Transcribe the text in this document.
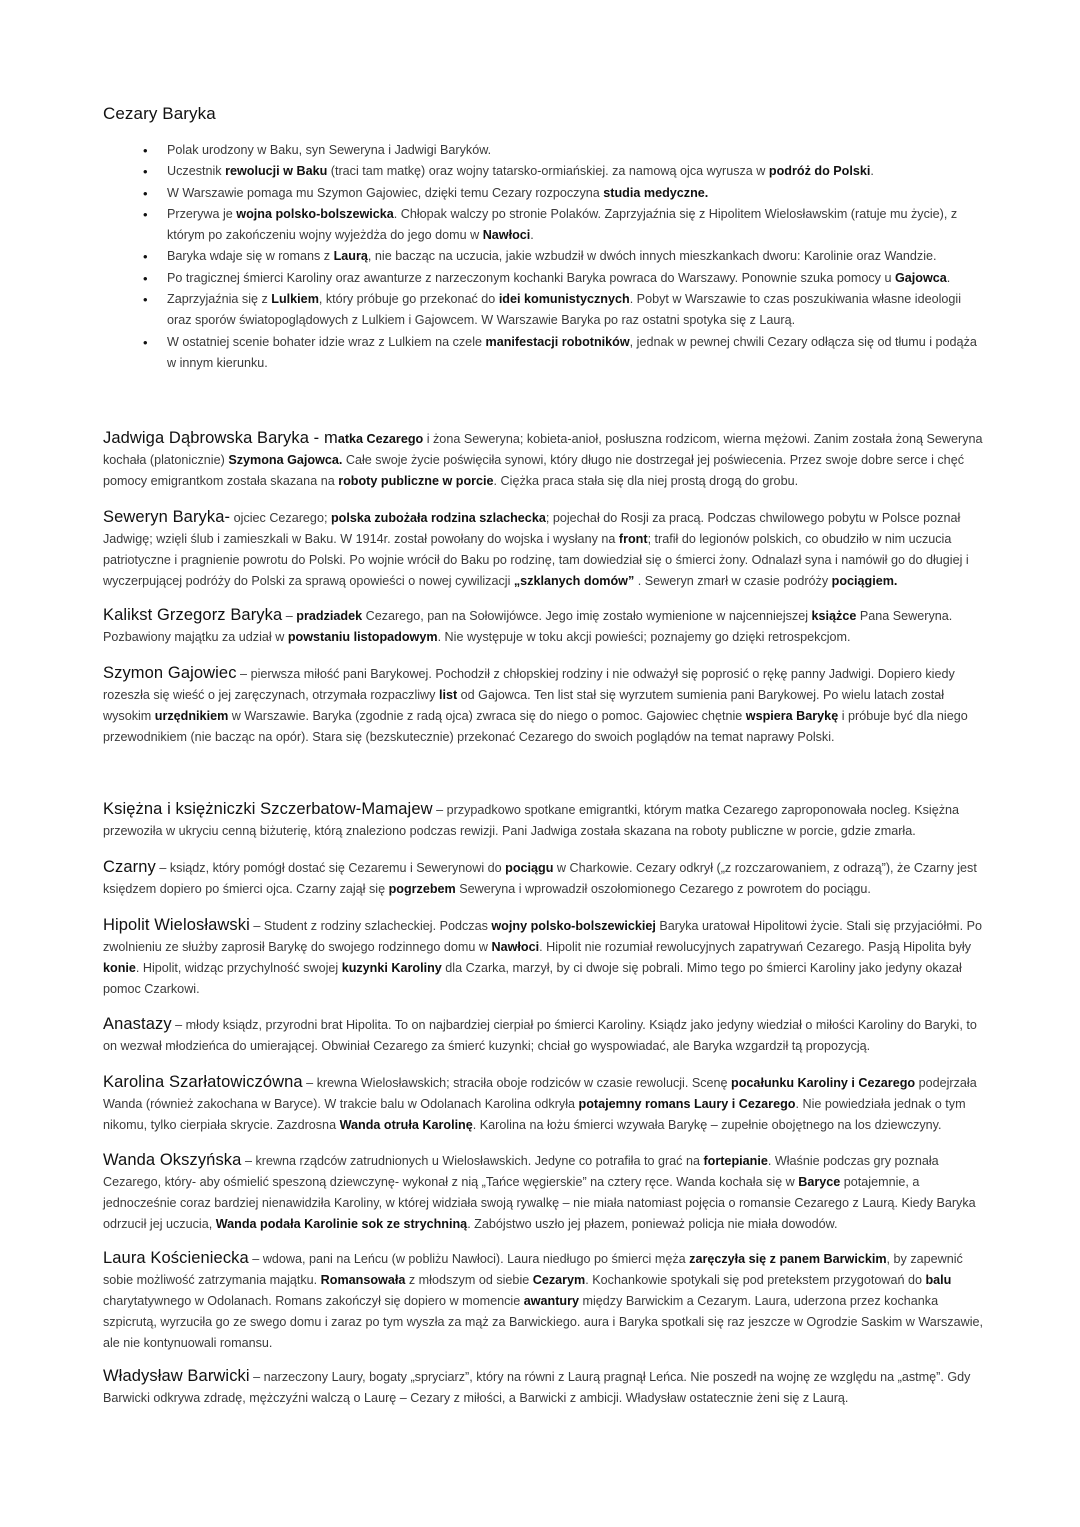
Cezary Baryka
• Polak urodzony w Baku, syn Seweryna i Jadwigi Baryków.
• Uczestnik rewolucji w Baku (traci tam matkę) oraz wojny tatarsko-ormiańskiej. za namową ojca wyrusza w podróż do Polski.
• W Warszawie pomaga mu Szymon Gajowiec, dzięki temu Cezary rozpoczyna studia medyczne.
• Przerywa je wojna polsko-bolszewicka. Chłopak walczy po stronie Polaków. Zaprzyjaźnia się z Hipolitem Wielosławskim (ratuje mu życie), z którym po zakończeniu wojny wyjeżdża do jego domu w Nawłoci.
• Baryka wdaje się w romans z Laurą, nie bacząc na uczucia, jakie wzbudził w dwóch innych mieszkankach dworu: Karolinie oraz Wandzie.
• Po tragicznej śmierci Karoliny oraz awanturze z narzeczonym kochanki Baryka powraca do Warszawy. Ponownie szuka pomocy u Gajowca.
• Zaprzyjaźnia się z Lulkiem, który próbuje go przekonać do idei komunistycznych. Pobyt w Warszawie to czas poszukiwania własne ideologii oraz sporów światopoglądowych z Lulkiem i Gajowcem. W Warszawie Baryka po raz ostatni spotyka się z Laurą.
• W ostatniej scenie bohater idzie wraz z Lulkiem na czele manifestacji robotników, jednak w pewnej chwili Cezary odłącza się od tłumu i podąża w innym kierunku.

Jadwiga Dąbrowska Baryka - matka Cezarego i żona Seweryna; kobieta-anioł, posłuszna rodzicom, wierna mężowi. Zanim została żoną Seweryna kochała (platonicznie) Szymona Gajowca. Całe swoje życie poświęciła synowi, który długo nie dostrzegał jej poświecenia. Przez swoje dobre serce i chęć pomocy emigrantkom została skazana na roboty publiczne w porcie. Ciężka praca stała się dla niej prostą drogą do grobu.

Seweryn Baryka- ojciec Cezarego; polska zubożała rodzina szlachecka; pojechał do Rosji za pracą. Podczas chwilowego pobytu w Polsce poznał Jadwigę; wzięli ślub i zamieszkali w Baku. W 1914r. został powołany do wojska i wysłany na front; trafił do legionów polskich, co obudziło w nim uczucia patriotyczne i pragnienie powrotu do Polski. Po wojnie wrócił do Baku po rodzinę, tam dowiedział się o śmierci żony. Odnalazł syna i namówił go do długiej i wyczerpującej podróży do Polski za sprawą opowieści o nowej cywilizacji „szklanych domów” . Seweryn zmarł w czasie podróży pociągiem.

Kalikst Grzegorz Baryka – pradziadek Cezarego, pan na Sołowijówce. Jego imię zostało wymienione w najcenniejszej książce Pana Seweryna. Pozbawiony majątku za udział w powstaniu listopadowym. Nie występuje w toku akcji powieści; poznajemy go dzięki retrospekcjom.

Szymon Gajowiec – pierwsza miłość pani Barykowej. Pochodził z chłopskiej rodziny i nie odważył się poprosić o rękę panny Jadwigi. Dopiero kiedy rozeszła się wieść o jej zaręczynach, otrzymała rozpaczliwy list od Gajowca. Ten list stał się wyrzutem sumienia pani Barykowej. Po wielu latach został wysokim urzędnikiem w Warszawie. Baryka (zgodnie z radą ojca) zwraca się do niego o pomoc. Gajowiec chętnie wspiera Barykę i próbuje być dla niego przewodnikiem (nie bacząc na opór). Stara się (bezskutecznie) przekonać Cezarego do swoich poglądów na temat naprawy Polski.

Księżna i księżniczki Szczerbatow-Mamajew – przypadkowo spotkane emigrantki, którym matka Cezarego zaproponowała nocleg. Księżna przewoziła w ukryciu cenną biżuterię, którą znaleziono podczas rewizji. Pani Jadwiga została skazana na roboty publiczne w porcie, gdzie zmarła.

Czarny – ksiądz, który pomógł dostać się Cezaremu i Sewerynowi do pociągu w Charkowie. Cezary odkrył („z rozczarowaniem, z odrazą”), że Czarny jest księdzem dopiero po śmierci ojca. Czarny zajął się pogrzebem Seweryna i wprowadził oszołomionego Cezarego z powrotem do pociągu.

Hipolit Wielosławski – Student z rodziny szlacheckiej. Podczas wojny polsko-bolszewickiej Baryka uratował Hipolitowi życie. Stali się przyjaciółmi. Po zwolnieniu ze służby zaprosił Barykę do swojego rodzinnego domu w Nawłoci. Hipolit nie rozumiał rewolucyjnych zapatrywań Cezarego. Pasją Hipolita były konie. Hipolit, widząc przychylność swojej kuzynki Karoliny dla Czarka, marzył, by ci dwoje się pobrali. Mimo tego po śmierci Karoliny jako jedyny okazał pomoc Czarkowi.

Anastazy – młody ksiądz, przyrodni brat Hipolita. To on najbardziej cierpiał po śmierci Karoliny. Ksiądz jako jedyny wiedział o miłości Karoliny do Baryki, to on wezwał młodzieńca do umierającej. Obwiniał Cezarego za śmierć kuzynki; chciał go wyspowiadać, ale Baryka wzgardził tą propozycją.

Karolina Szarłatowiczówna – krewna Wielosławskich; straciła oboje rodziców w czasie rewolucji. Scenę pocałunku Karoliny i Cezarego podejrzała Wanda (również zakochana w Baryce). W trakcie balu w Odolanach Karolina odkryła potajemny romans Laury i Cezarego. Nie powiedziała jednak o tym nikomu, tylko cierpiała skrycie. Zazdrosna Wanda otruła Karolinę. Karolina na łożu śmierci wzywała Barykę – zupełnie obojętnego na los dziewczyny.

Wanda Okszyńska – krewna rządców zatrudnionych u Wielosławskich. Jedyne co potrafiła to grać na fortepianie. Właśnie podczas gry poznała Cezarego, który- aby ośmielić speszoną dziewczynę- wykonał z nią „Tańce węgierskie” na cztery ręce. Wanda kochała się w Baryce potajemnie, a jednocześnie coraz bardziej nienawidziła Karoliny, w której widziała swoją rywalkę – nie miała natomiast pojęcia o romansie Cezarego z Laurą. Kiedy Baryka odrzucił jej uczucia, Wanda podała Karolinie sok ze strychniną. Zabójstwo uszło jej płazem, ponieważ policja nie miała dowodów.

Laura Kościeniecka – wdowa, pani na Leńcu (w pobliżu Nawłoci). Laura niedługo po śmierci męża zaręczyła się z panem Barwickim, by zapewnić sobie możliwość zatrzymania majątku. Romansowała z młodszym od siebie Cezarym. Kochankowie spotykali się pod pretekstem przygotowań do balu charytatywnego w Odolanach. Romans zakończył się dopiero w momencie awantury między Barwickim a Cezarym. Laura, uderzona przez kochanka szpicrutą, wyrzuciła go ze swego domu i zaraz po tym wyszła za mąż za Barwickiego. aura i Baryka spotkali się raz jeszcze w Ogrodzie Saskim w Warszawie, ale nie kontynuowali romansu.

Władysław Barwicki – narzeczony Laury, bogaty „spryciarz”, który na równi z Laurą pragnął Leńca. Nie poszedł na wojnę ze względu na „astmę”. Gdy Barwicki odkrywa zdradę, mężczyźni walczą o Laurę – Cezary z miłości, a Barwicki z ambicji. Władysław ostatecznie żeni się z Laurą.
